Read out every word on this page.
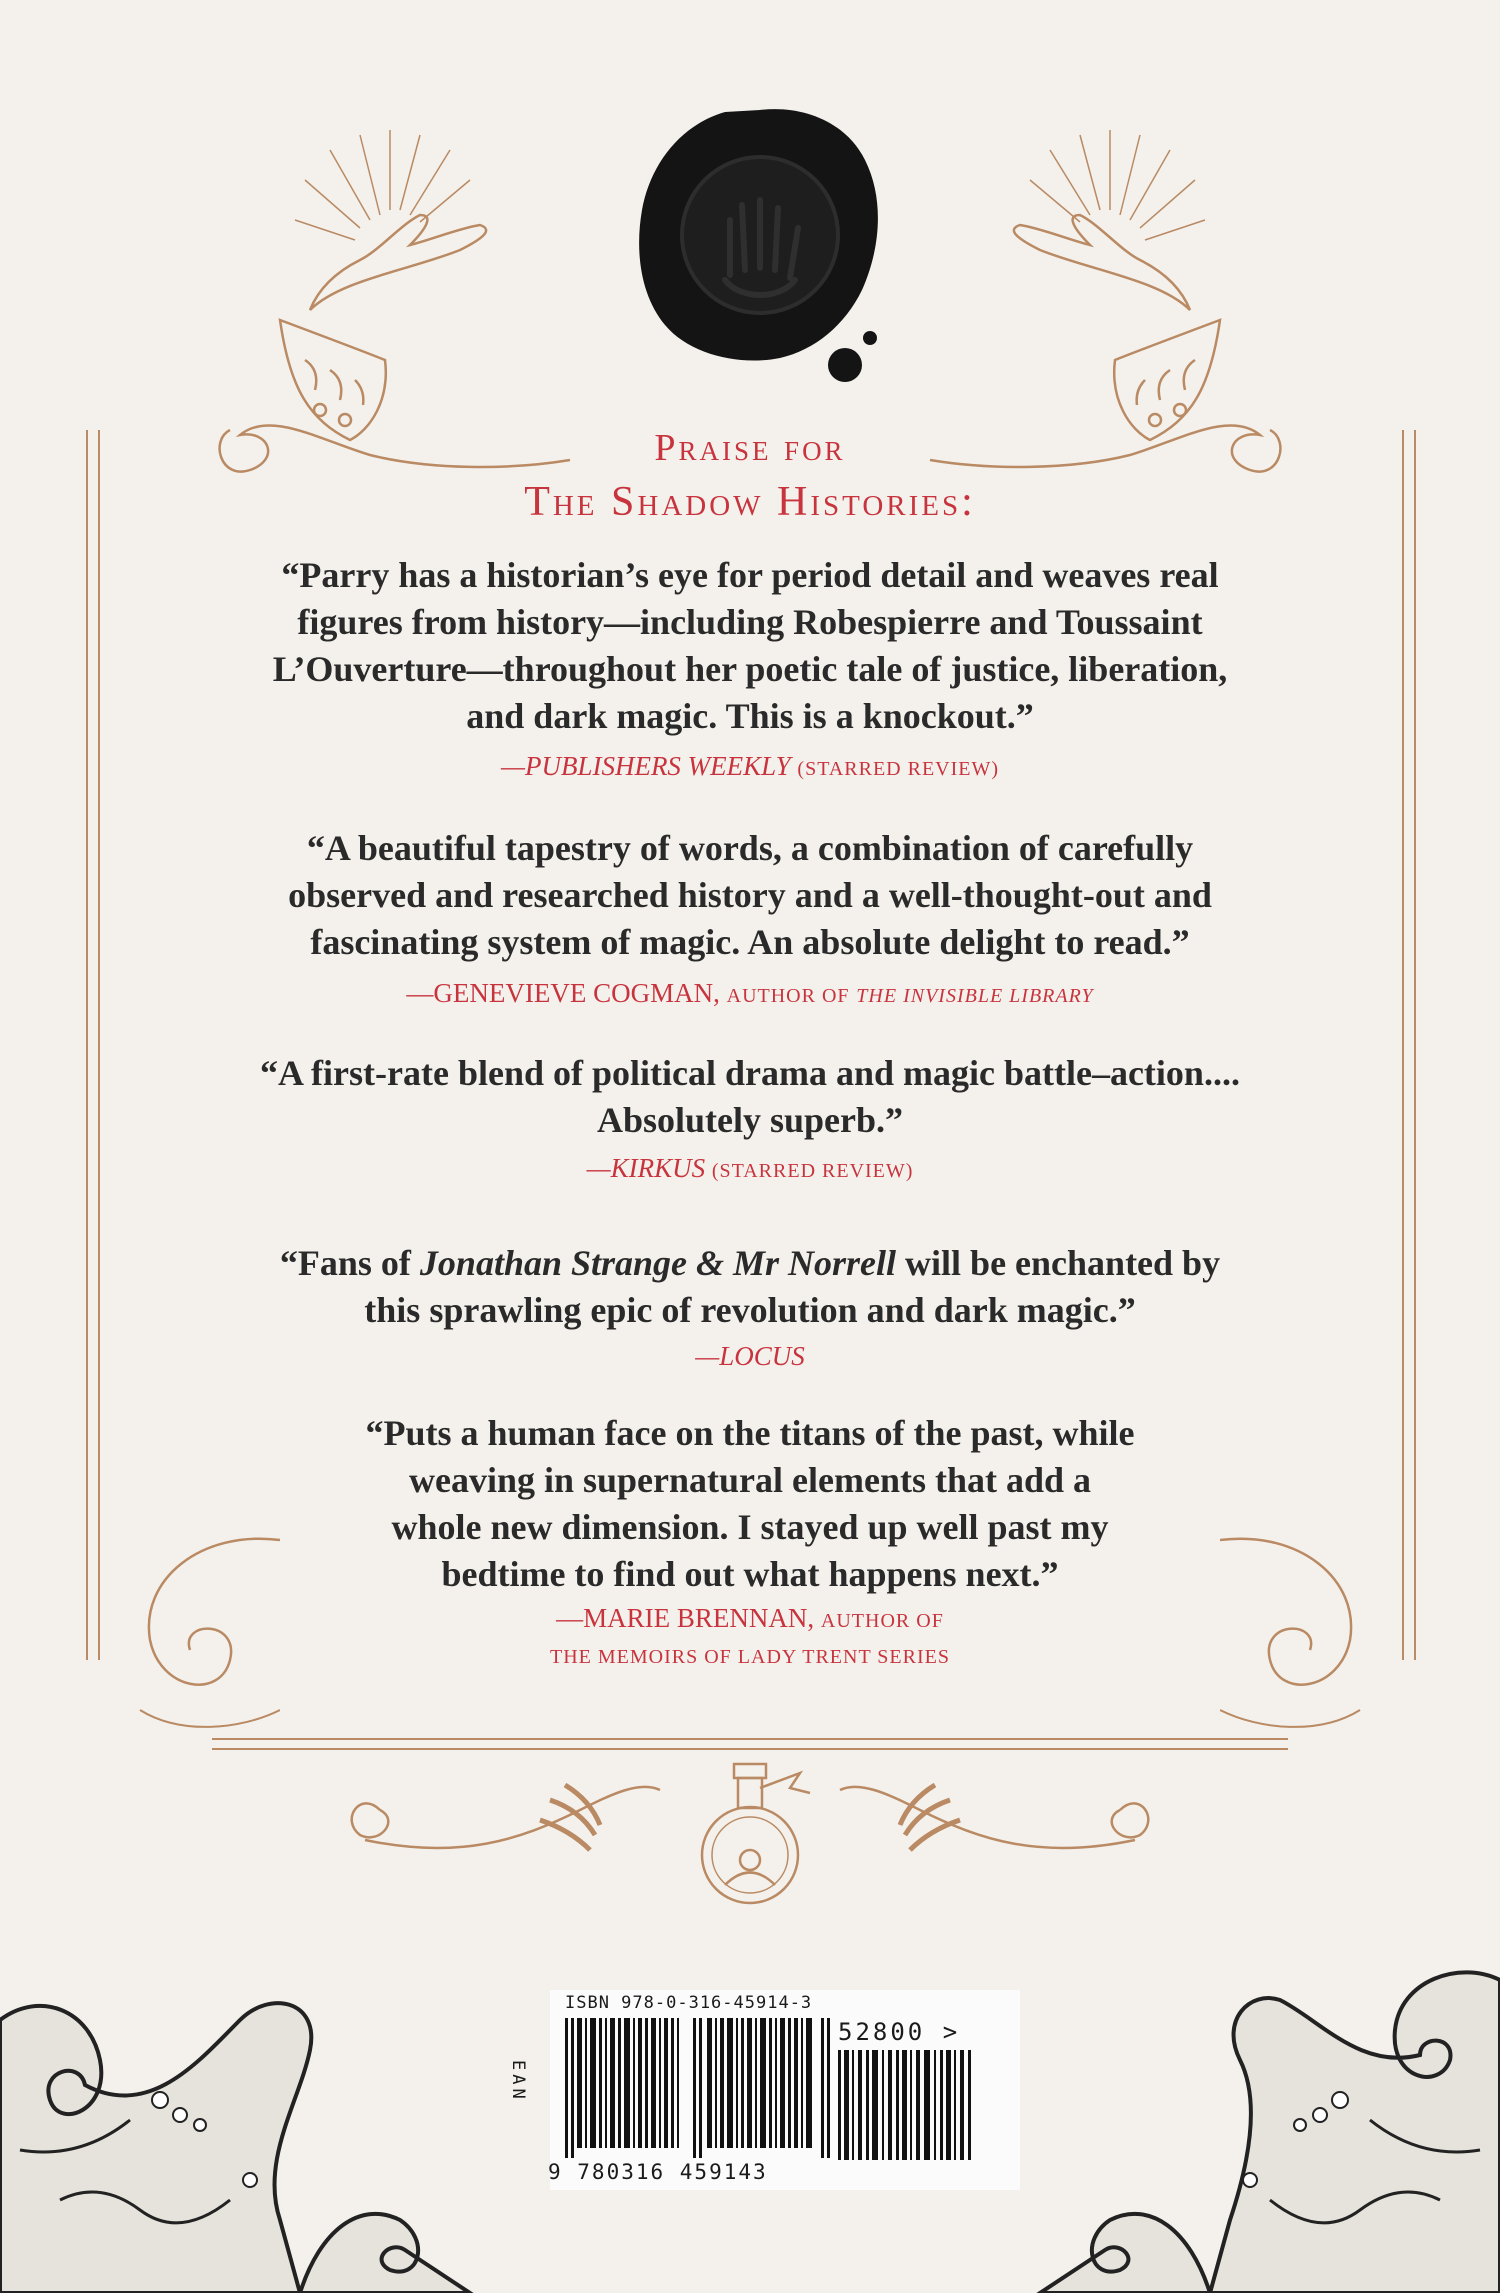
Praise for
The Shadow Histories:
“Parry has a historian’s eye for period detail and weaves real
figures from history—including Robespierre and Toussaint
L’Ouverture—throughout her poetic tale of justice, liberation,
and dark magic. This is a knockout.”
—PUBLISHERS WEEKLY (STARRED REVIEW)
“A beautiful tapestry of words, a combination of carefully
observed and researched history and a well-thought-out and
fascinating system of magic. An absolute delight to read.”
—GENEVIEVE COGMAN, AUTHOR OF THE INVISIBLE LIBRARY
“A first-rate blend of political drama and magic battle–action....
Absolutely superb.”
—KIRKUS (STARRED REVIEW)
“Fans of Jonathan Strange & Mr Norrell will be enchanted by
this sprawling epic of revolution and dark magic.”
—LOCUS
“Puts a human face on the titans of the past, while
weaving in supernatural elements that add a
whole new dimension. I stayed up well past my
bedtime to find out what happens next.”
—MARIE BRENNAN, AUTHOR OF
THE MEMOIRS OF LADY TRENT SERIES
ISBN 978-0-316-45914-3
52800 >
EAN
9 780316 459143
